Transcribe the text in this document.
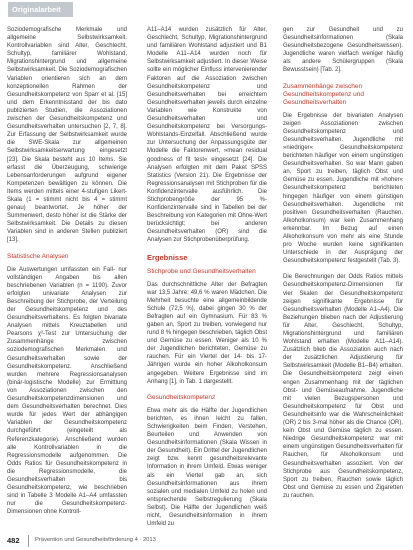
Originalarbeit

Soziodemografische Merkmale und allgemeine Selbstwirksamkeit. Kontrollvariablen sind Alter, Geschlecht, Schultyp, familiärer Wohlstand, Migrationshintergrund und allgemeine Selbstwirksamkeit. Die Soziodemografischen Variablen orientieren sich an dem konzeptionellen Rahmen der Gesundheitskompetenz von Sparr et al. [15] und dem Erkenntnisstand der bis dato publizierten Studien, die Assoziationen zwischen der Gesundheitskompetenz und Gesundheitsverhalten untersuchen [2, 7, 8]. Zur Erfassung der Selbstwirksamkeit wurde die SWE-Skala zur allgemeinen Selbstwirksamkeitserwartung eingesetzt [23]. Die Skala besteht aus 10 Items. Sie erfasst die Überzeugung, schwierige Lebensanforderungen aufgrund eigener Kompetenzen bewältigen zu können. Die Items werden mittels einer 4-stufigen Likert-Skala (1 = stimmt nicht bis 4 = stimmt genau) beantwortet. Je höher der Summenwert, desto höher ist die Stärke der Selbstwirksamkeit. Die Details zu diesen Variablen sind in anderen Stellen publiziert [13].

Statistische Analysen

Die Auswertungen umfassten ein Fall- nur vollständigen Angaben bis allen beschriebenen Variablen (n = 1190). Zuvor erfolgten univariate Analysen zur Beschreibung der Stichprobe, der Verteilung der Gesundheitskompetenz und des Gesundheitsverhaltens. Es folgten bivariate Analysen mittels Kreuztabellen und Pearsons χ²-Test zur Untersuchung der Zusammenhänge zwischen soziodemografischen Merkmalen und Gesundheitsverhalten sowie der Gesundheitskompetenz. Anschließend wurden mehrere Regressionsanalysen (binär-logistische Modelle) zur Ermittlung von Assoziationen zwischen den Gesundheitskompetenzdimensionen und dem Gesundheitsverhalten berechnet. Dies wurde für jedes Wert der abhängigen Variablen der Gesundheitskompetenz durchgeführt (eingeteilt als Referenzkategorie). Anschließend wurden alle Kontrollvariablen in die Regressionsmodelle aufgenommen. Die Odds Ratios für Gesundheitskompetenz in die Regressionsmodelle, die Gesundheitsverhalten bis Gesundheitskompetenz, wie beschrieben sind in Tabelle 3 Modelle A1–A4 umfassten nur die Gesundheitskompetenz-Dimensionen ohne Kontroll-

A11–A14 wurden zusätzlich für Alter, Geschlecht, Schultyp, Migrationshintergrund und familiären Wohlstand adjustiert und B1 Modelle A11–A14 wurden noch für Selbstwirksamkeit adjustiert. In dieser Weise sollte ein möglicher Einfluss intervenierender Faktoren auf die Assoziation zwischen Gesundheitskompetenz und Gesundheitsverhalten bei erreichtem Gesundheitsverhalten jeweils durch einzelne Variablen wie Konstrukte von Gesundheitsverhalten und Gesundheitskompetenz bei Versorgungs-Wohlstands-Einzelfall. Abschließend wurde zur Untersuchung der Anpassungsgüte der Modelle die Faktorenwert, »mean residual goodness of fit test« eingesetzt [24]. Die Analysen erfolgten mit dem Paket SPSS Statistics (Version 21). Die Ergebnisse der Regressionsanalysen mit Stichproben für die Konfidenzintervalle ausführlich. Die Stichprobengröße der 95 %-Konfidenzintervalle sind in Tabellen bei der Beschreibung von Kategorien mit Ohne-Wert berücksichtigt; bei anderen Gesundheitsverhalten (OR) sind die Analysen zur Stichprobenüberprüfung.

Ergebnisse
Stichprobe und Gesundheitsverhalten

Das durchschnittliche Alter der Befragten war 13,5 Jahre; 49,6 % waren Mädchen. Die Mehrheit besuchte eine allgemeinbildende Schule (72,5 %), dabei gingen 30 % der Befragten auf ein Gymnasium. Für 83 % gaben an, Sport zu treiben, vorwiegend nur rund 8 % hingegen beschrieben, täglich Obst und Gemüse zu essen. Weniger als 10 % der Jugendlichen berichteten, Gemüse zu rauchen. Für ein Viertel der 14- bis 17-Jährigen wurde ein hoher Alkoholkonsum angegeben. Weitere Ergebnisse sind im Anhang [1], in Tab. 1 dargestellt.

Gesundheitskompetenz

Etwa mehr als die Hälfte der Jugendlichen berichten, es ihnen leicht zu fallen, Schwierigkeiten beim Finden, Verstehen, Beurteilen und Anwenden von Gesundheitsinformationen (Skala Wissen in der Gesundheit). Ein Drittel der Jugendlichen zeigt bzw. kennt gesundheitsrelevante Information in ihrem Umfeld. Etwas weniger als ein Viertel gab an, sich Gesundheitsinformationen aus ihrem sozialen und medialen Umfeld zu holen und entsprechende Selbstregulierung (Skala Selbst). Die Hälfte der Jugendlichen weiß nicht, Gesundheitsinformation in ihrem Umfeld zu

gen zur Gesundheit und zu Gesundheitsinformationen (Skala Gesundheitsbezogene Gesundheitswissen). Jugendliche waren vielfach weniger häufig als andere Schülergruppen (Skala Bewusstsein) [Tab. 2].

Zusammenhänge zwischen Gesundheitskompetenz und Gesundheitsverhalten

Die Ergebnisse der bivariaten Analysen zeigen Assoziationen zwischen Gesundheitskompetenz und Gesundheitsverhalten. Jugendliche mit »niedriger« Gesundheitskompetenz berichteten häufiger von einem ungünstigen Gesundheitsverhalten. So war Mann gaben an, Sport zu treiben, täglich Obst und Gemüse zu essen. Jugendliche mit »hoher« Gesundheitskompetenz berichteten hingegen häufiger von einem günstigen Gesundheitsverhalten. Jugendliche mit positiven Gesundheitsverhalten (Rauchen, Alkoholkonsum) war kein Zusammenhang erkennbar. Im Bezug auf einen Alkoholkonsum von mehr als eine Stunde pro Woche wurden keine signifikanten Unterschiede in der Ausprägung der Gesundheitskompetenz festgestellt (Tab. 3).

Die Berechnungen der Odds Ratios mittels Gesundheitskompetenz-Dimensionen für vier Skalen der Gesundheitskompetenz zeigen signifikante Ergebnisse für Gesundheitsverhalten (Modelle A1–A4). Die Beziehungen blieben nach der Adjustierung für Alter, Geschlecht, Schultyp, Migrationshintergrund und familiären Wohlstand erhalten (Modelle A11–A14). Zusätzlich blieb die Assoziation auch nach der zusätzlichen Adjustierung für Selbstwirksamkeit (Modelle B1–B4) erhalten. Die Gesundheitskompetenz zeigt einen engen Zusammenhang mit der täglichen Obst- und Gemüseaufnahme. Jugendliche mit vielen Bezugspersonen und Gesundheitskompetenz für Obst und Gesundheitsinfo war die Wahrscheinlichkeit (OR) 2 bis 3-mal höher als die Chance (OR), kein Obst und Gemüse täglich zu essen. Niedrige Gesundheitskompetenz war mit einem ungünstigen Gesundheitsverhalten für Rauchen, für Alkoholkonsum und Gesundheitsverhalten assoziiert. Von der Stichprobe aus Gesundheitskompetenz, Sport zu treiben, Rauchen sowie täglich Obst und Gemüse zu essen und Zigaretten zu rauchen.

482	Prävention und Gesundheitsförderung 4 · 2013
